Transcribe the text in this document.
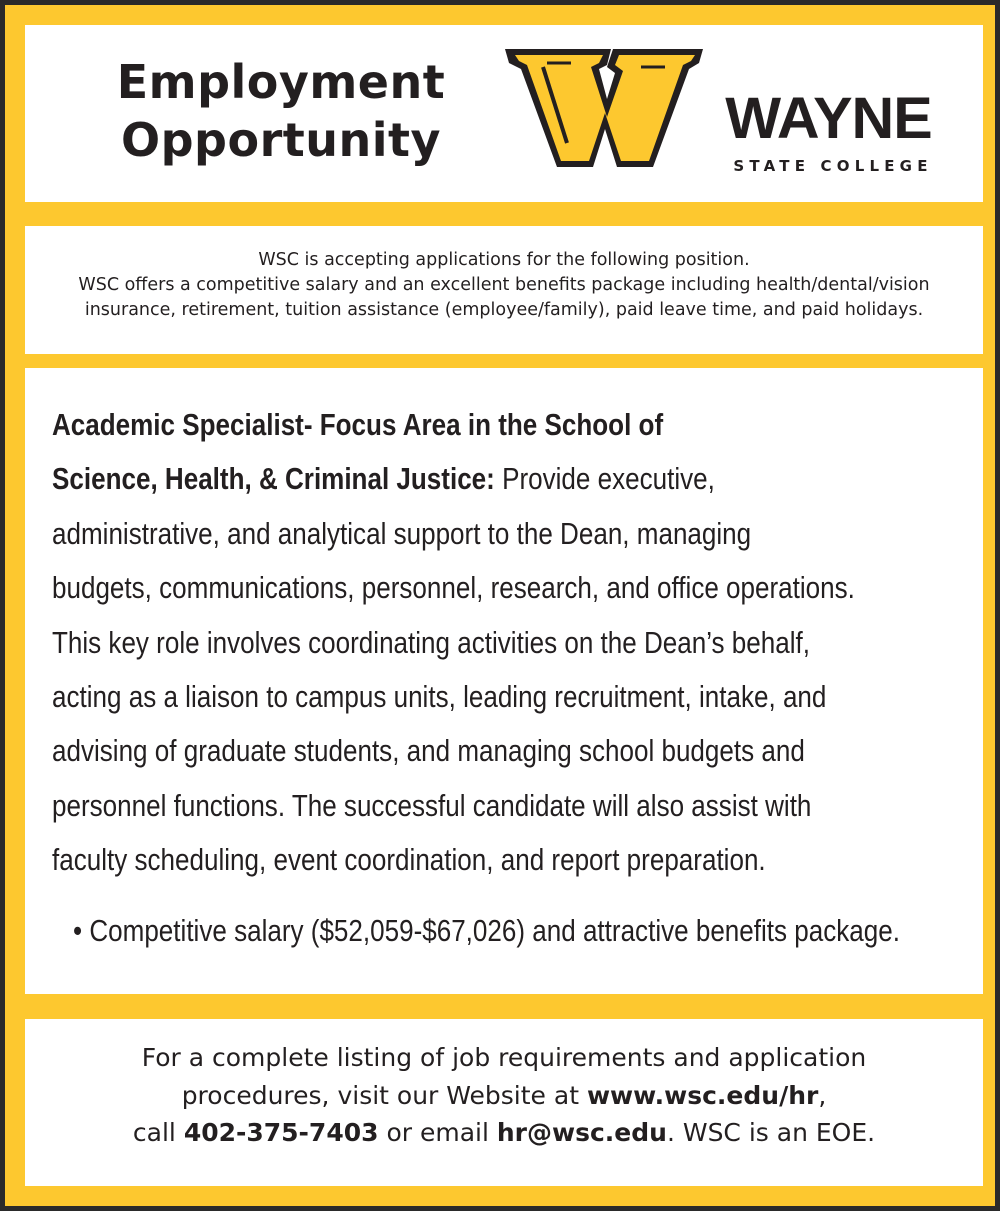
Employment
Opportunity	WAYNE
STATE COLLEGE
WSC is accepting applications for the following position.
WSC offers a competitive salary and an excellent benefits package including health/dental/vision
insurance, retirement, tuition assistance (employee/family), paid leave time, and paid holidays.
Academic Specialist- Focus Area in the School of
Science, Health, & Criminal Justice: Provide executive,
administrative, and analytical support to the Dean, managing
budgets, communications, personnel, research, and office operations.
This key role involves coordinating activities on the Dean’s behalf,
acting as a liaison to campus units, leading recruitment, intake, and
advising of graduate students, and managing school budgets and
personnel functions. The successful candidate will also assist with
faculty scheduling, event coordination, and report preparation.
• Competitive salary ($52,059-$67,026) and attractive benefits package.
For a complete listing of job requirements and application
procedures, visit our Website at www.wsc.edu/hr,
call 402-375-7403 or email hr@wsc.edu. WSC is an EOE.
